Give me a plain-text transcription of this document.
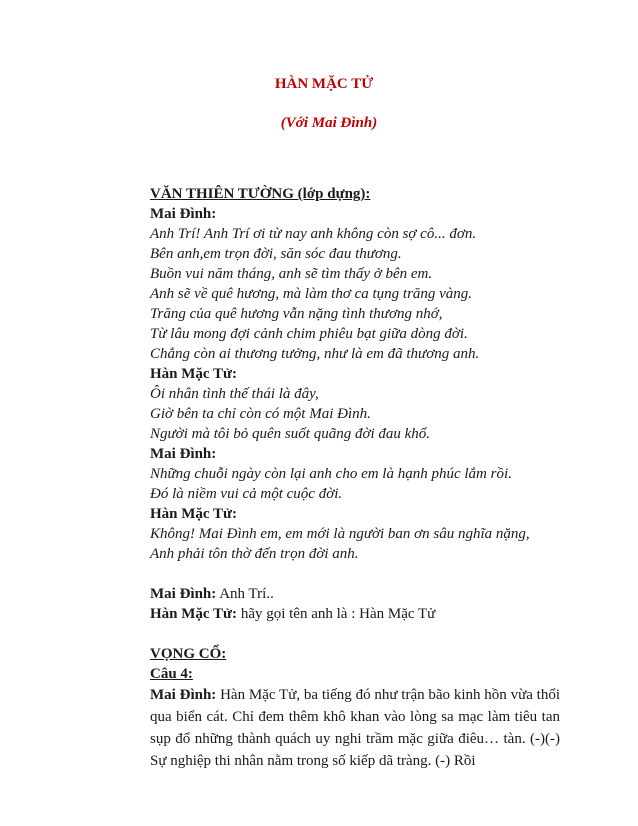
HÀN MẶC TỬ
(Với Mai Đình)
VĂN THIÊN TƯỜNG (lớp dựng):
Mai Đình:
Anh Trí! Anh Trí ơi từ nay anh không còn sợ cô... đơn.
Bên anh,em trọn đời, săn sóc đau thương.
Buồn vui năm tháng, anh sẽ tìm thấy ở bên em.
Anh sẽ về quê hương, mà làm thơ ca tụng trăng vàng.
Trăng của quê hương vẫn nặng tình thương nhớ,
Từ lâu mong đợi cảnh chim phiêu bạt giữa dòng đời.
Chẳng còn ai thương tưởng, như là em đã thương anh.
Hàn Mặc Tử:
Ôi nhân tình thế thái là đây,
Giờ bên ta chỉ còn có một Mai Đình.
Người mà tôi bỏ quên suốt quãng đời đau khổ.
Mai Đình:
Những chuỗi ngày còn lại anh cho em là hạnh phúc lắm rồi.
Đó là niềm vui cả một cuộc đời.
Hàn Mặc Tử:
Không! Mai Đình em, em mới là người ban ơn sâu nghĩa nặng,
Anh phải tôn thờ đến trọn đời anh.
Mai Đình: Anh Trí..
Hàn Mặc Tử: hãy gọi tên anh là : Hàn Mặc Tử
VỌNG CỔ:
Câu 4:
Mai Đình: Hàn Mặc Tử, ba tiếng đó như trận bão kinh hồn vừa thổi qua biển cát. Chỉ đem thêm khô khan vào lòng sa mạc làm tiêu tan sụp đổ những thành quách uy nghi trầm mặc giữa điêu… tàn. (-)(-) Sự nghiệp thi nhân nằm trong số kiếp dã tràng. (-) Rồi
